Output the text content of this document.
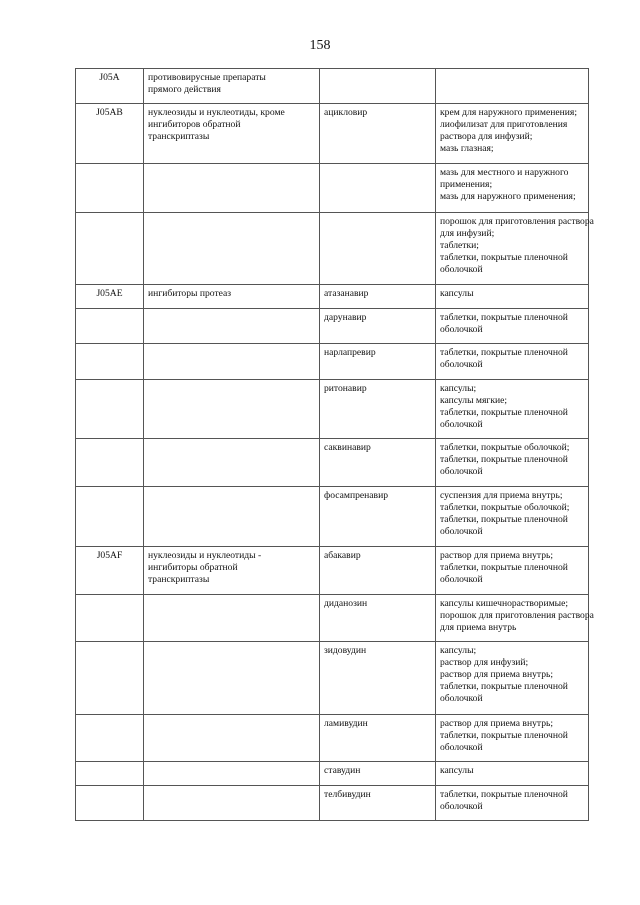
158
J05A	противовирусные препараты
прямого действия		

J05AB	нуклеозиды и нуклеотиды, кроме
ингибиторов обратной
транскриптазы	ацикловир	крем для наружного применения;
лиофилизат для приготовления
раствора для инфузий;
мазь глазная;

			мазь для местного и наружного
применения;
мазь для наружного применения;

			порошок для приготовления раствора
для инфузий;
таблетки;
таблетки, покрытые пленочной
оболочкой

J05AE	ингибиторы протеаз	атазанавир	капсулы

		дарунавир	таблетки, покрытые пленочной
оболочкой

		нарлапревир	таблетки, покрытые пленочной
оболочкой

		ритонавир	капсулы;
капсулы мягкие;
таблетки, покрытые пленочной
оболочкой

		саквинавир	таблетки, покрытые оболочкой;
таблетки, покрытые пленочной
оболочкой

		фосампренавир	суспензия для приема внутрь;
таблетки, покрытые оболочкой;
таблетки, покрытые пленочной
оболочкой

J05AF	нуклеозиды и нуклеотиды -
ингибиторы обратной
транскриптазы	абакавир	раствор для приема внутрь;
таблетки, покрытые пленочной
оболочкой

		диданозин	капсулы кишечнорастворимые;
порошок для приготовления раствора
для приема внутрь

		зидовудин	капсулы;
раствор для инфузий;
раствор для приема внутрь;
таблетки, покрытые пленочной
оболочкой

		ламивудин	раствор для приема внутрь;
таблетки, покрытые пленочной
оболочкой

		ставудин	капсулы

		телбивудин	таблетки, покрытые пленочной
оболочкой
